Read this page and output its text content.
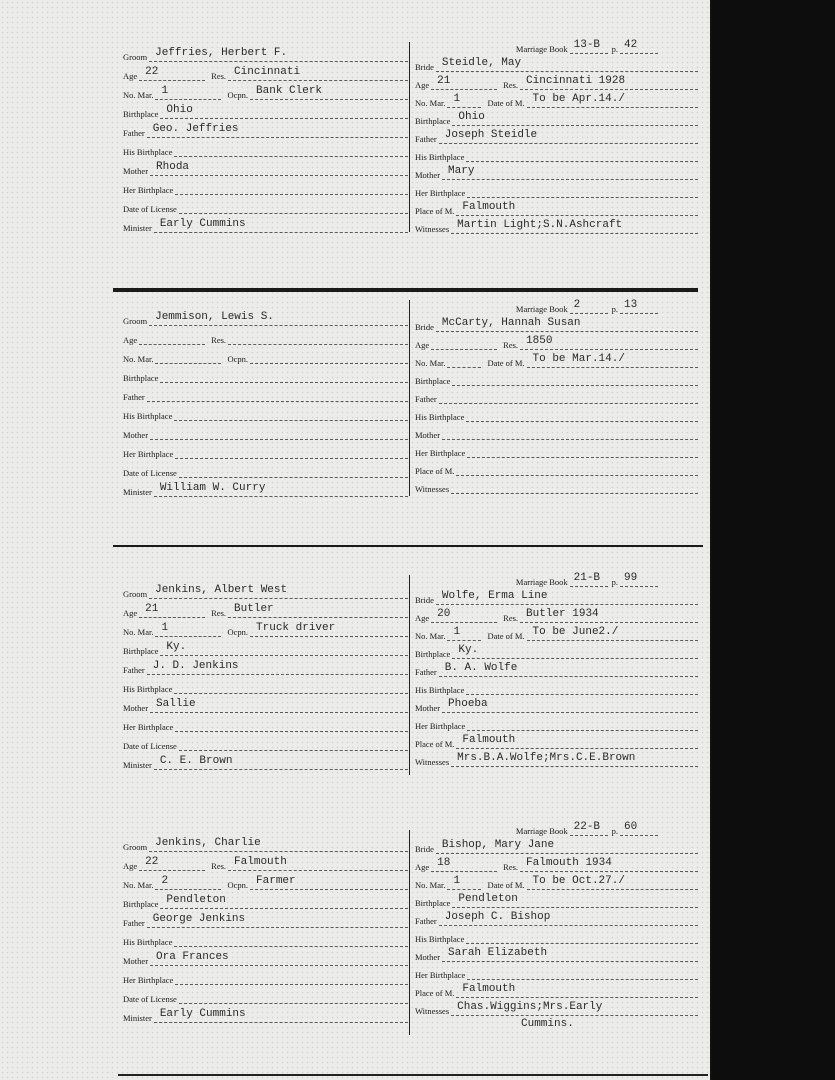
Groom Jeffries, Herbert F.
Age 22	Res. Cincinnati
No. Mar. 1	Ocpn. Bank Clerk
Birthplace Ohio
Father Geo. Jeffries
His Birthplace
Mother Rhoda
Her Birthplace
Date of License
Minister Early Cummins
Marriage Book 13-B	p. 42
Bride Steidle, May
Age 21	Res. Cincinnati 1928
No. Mar. 1	Date of M. To be Apr.14./
Birthplace Ohio
Father Joseph Steidle
His Birthplace
Mother Mary
Her Birthplace
Place of M. Falmouth
Witnesses Martin Light;S.N.Ashcraft
Groom Jemmison, Lewis S.
Age	Res.
No. Mar.	Ocpn.
Birthplace
Father
His Birthplace
Mother
Her Birthplace
Date of License
Minister William W. Curry
Marriage Book 2	p. 13
Bride McCarty, Hannah Susan
Age	Res. 1850
No. Mar.	Date of M. To be Mar.14./
Birthplace
Father
His Birthplace
Mother
Her Birthplace
Place of M.
Witnesses
Groom Jenkins, Albert West
Age 21	Res. Butler
No. Mar. 1	Ocpn. Truck driver
Birthplace Ky.
Father J. D. Jenkins
His Birthplace
Mother Sallie
Her Birthplace
Date of License
Minister C. E. Brown
Marriage Book 21-B	p. 99
Bride Wolfe, Erma Line
Age 20	Res. Butler 1934
No. Mar. 1	Date of M. To be June2./
Birthplace Ky.
Father B. A. Wolfe
His Birthplace
Mother Phoeba
Her Birthplace
Place of M. Falmouth
Witnesses Mrs.B.A.Wolfe;Mrs.C.E.Brown
Groom Jenkins, Charlie
Age 22	Res. Falmouth
No. Mar. 2	Ocpn. Farmer
Birthplace Pendleton
Father George Jenkins
His Birthplace
Mother Ora Frances
Her Birthplace
Date of License
Minister Early Cummins
Marriage Book 22-B	p. 60
Bride Bishop, Mary Jane
Age 18	Res. Falmouth 1934
No. Mar. 1	Date of M. To be Oct.27./
Birthplace Pendleton
Father Joseph C. Bishop
His Birthplace
Mother Sarah Elizabeth
Her Birthplace
Place of M. Falmouth
Witnesses Chas.Wiggins;Mrs.Early
Cummins.
